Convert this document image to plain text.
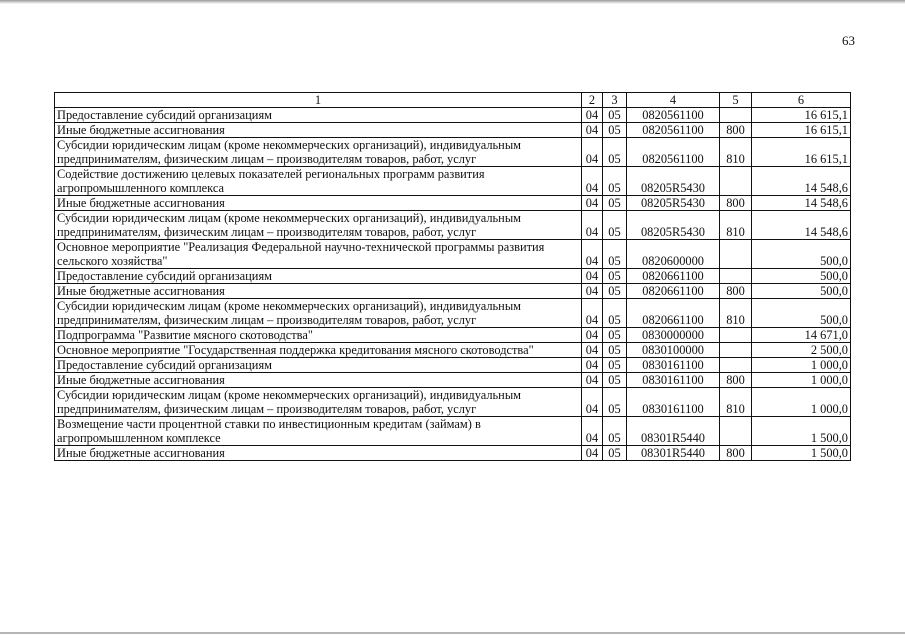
63
1	2	3	4	5	6
Предоставление субсидий организациям	04	05	0820561100		16 615,1
Иные бюджетные ассигнования	04	05	0820561100	800	16 615,1
Субсидии юридическим лицам (кроме некоммерческих организаций), индивидуальным предпринимателям, физическим лицам – производителям товаров, работ, услуг	04	05	0820561100	810	16 615,1
Содействие достижению целевых показателей региональных программ развития агропромышленного комплекса	04	05	08205R5430		14 548,6
Иные бюджетные ассигнования	04	05	08205R5430	800	14 548,6
Субсидии юридическим лицам (кроме некоммерческих организаций), индивидуальным предпринимателям, физическим лицам – производителям товаров, работ, услуг	04	05	08205R5430	810	14 548,6
Основное мероприятие "Реализация Федеральной научно-технической программы развития сельского хозяйства"	04	05	0820600000		500,0
Предоставление субсидий организациям	04	05	0820661100		500,0
Иные бюджетные ассигнования	04	05	0820661100	800	500,0
Субсидии юридическим лицам (кроме некоммерческих организаций), индивидуальным предпринимателям, физическим лицам – производителям товаров, работ, услуг	04	05	0820661100	810	500,0
Подпрограмма "Развитие мясного скотоводства"	04	05	0830000000		14 671,0
Основное мероприятие "Государственная поддержка кредитования мясного скотоводства"	04	05	0830100000		2 500,0
Предоставление субсидий организациям	04	05	0830161100		1 000,0
Иные бюджетные ассигнования	04	05	0830161100	800	1 000,0
Субсидии юридическим лицам (кроме некоммерческих организаций), индивидуальным предпринимателям, физическим лицам – производителям товаров, работ, услуг	04	05	0830161100	810	1 000,0
Возмещение части процентной ставки по инвестиционным кредитам (займам) в агропромышленном комплексе	04	05	08301R5440		1 500,0
Иные бюджетные ассигнования	04	05	08301R5440	800	1 500,0
